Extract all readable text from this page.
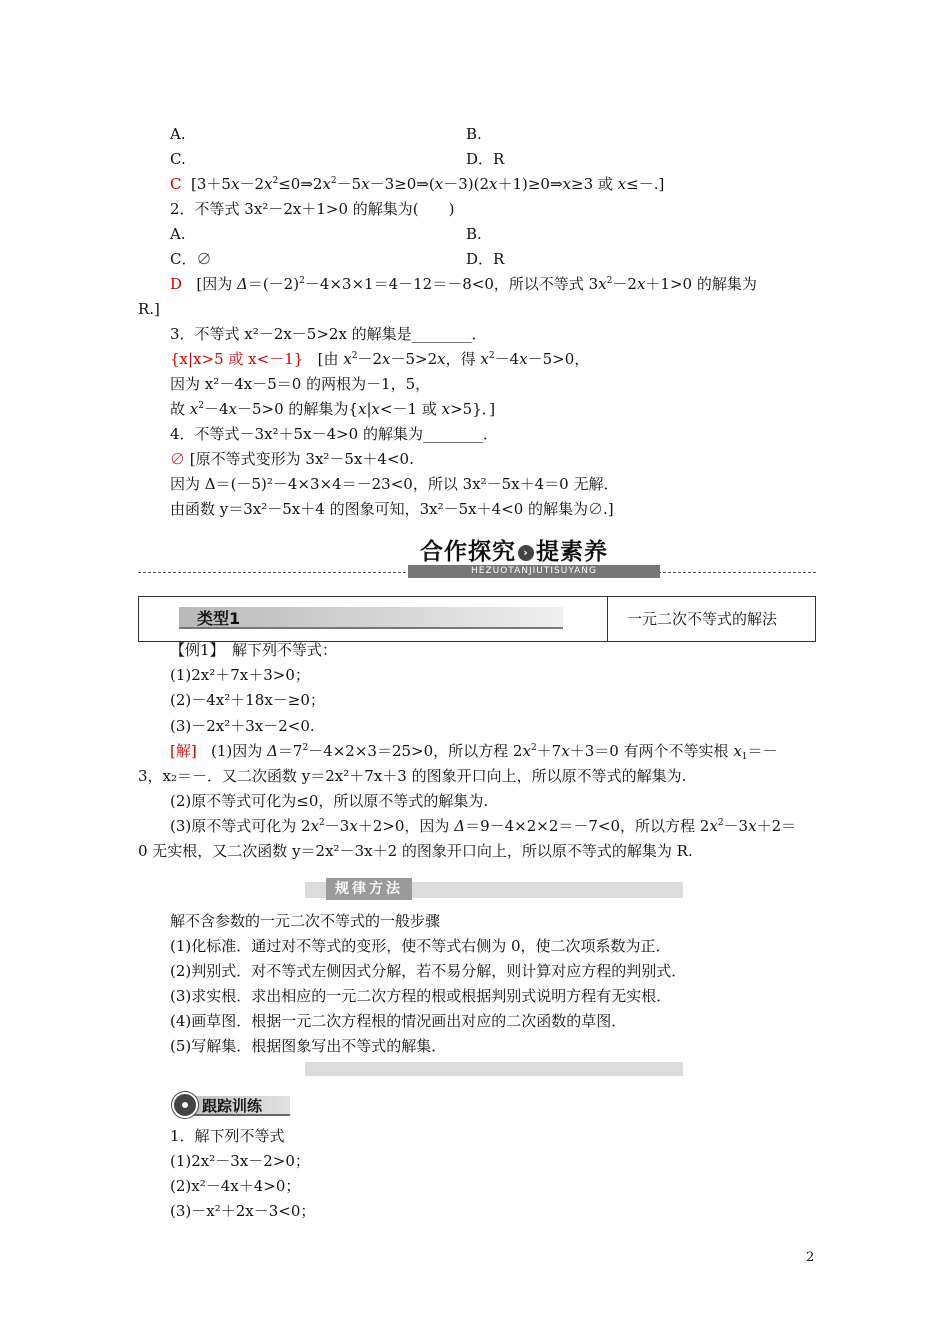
A.	B.
C.	D．R
C  [$3+5x-2x^2\le 0\Rightarrow 2x^2-5x-3\ge 0\Rightarrow(x-3)(2x+1)\ge 0\Rightarrow x\ge 3$ 或 x≤－.]
2．不等式 3x²－2x＋1>0 的解集为(　　)
A.	B.
C．∅	D．R
D   [因为 $\Delta=(-2)^2-4\times 3\times 1=4-12=-8<0$，所以不等式 $3x^2-2x+1>0$ 的解集为
R.]
3．不等式 x²－2x－5>2x 的解集是________．
{x|x>5 或 x<－1}   [由 $x^2-2x-5>2x$，得 $x^2-4x-5>0$，
因为 x²－4x－5＝0 的两根为－1，5，
故 $x^2-4x-5>0$ 的解集为{x|x<－1 或 x>5}．]
4．不等式－3x²＋5x－4>0 的解集为________．
∅ [原不等式变形为 3x²－5x＋4<0.
因为 Δ＝(－5)²－4×3×4＝－23<0，所以 3x²－5x＋4＝0 无解．
由函数 y＝3x²－5x＋4 的图象可知，3x²－5x＋4<0 的解集为∅.]
合作探究 › 提素养
HEZUOTANJIUTISUYANG
类型1	一元二次不等式的解法
【例1】　解下列不等式：
(1)2x²＋7x＋3>0；
(2)－4x²＋18x－≥0；
(3)－2x²＋3x－2<0.
[解]   (1)因为 $\Delta=7^2-4\times 2\times 3=25>0$，所以方程 $2x^2+7x+3=0$ 有两个不等实根 $x_1=-$
3，x₂＝－．又二次函数 y＝2x²＋7x＋3 的图象开口向上，所以原不等式的解集为.
(2)原不等式可化为≤0，所以原不等式的解集为.
(3)原不等式可化为 $2x^2-3x+2>0$，因为 Δ＝9－4×2×2＝－7<0，所以方程 $2x^2-3x+2=$
0 无实根，又二次函数 y＝2x²－3x＋2 的图象开口向上，所以原不等式的解集为 R.
规律方法
解不含参数的一元二次不等式的一般步骤
(1)化标准．通过对不等式的变形，使不等式右侧为 0，使二次项系数为正．
(2)判别式．对不等式左侧因式分解，若不易分解，则计算对应方程的判别式．
(3)求实根．求出相应的一元二次方程的根或根据判别式说明方程有无实根．
(4)画草图．根据一元二次方程根的情况画出对应的二次函数的草图．
(5)写解集．根据图象写出不等式的解集．
跟踪训练
1．解下列不等式
(1)2x²－3x－2>0；
(2)x²－4x＋4>0；
(3)－x²＋2x－3<0；
2
